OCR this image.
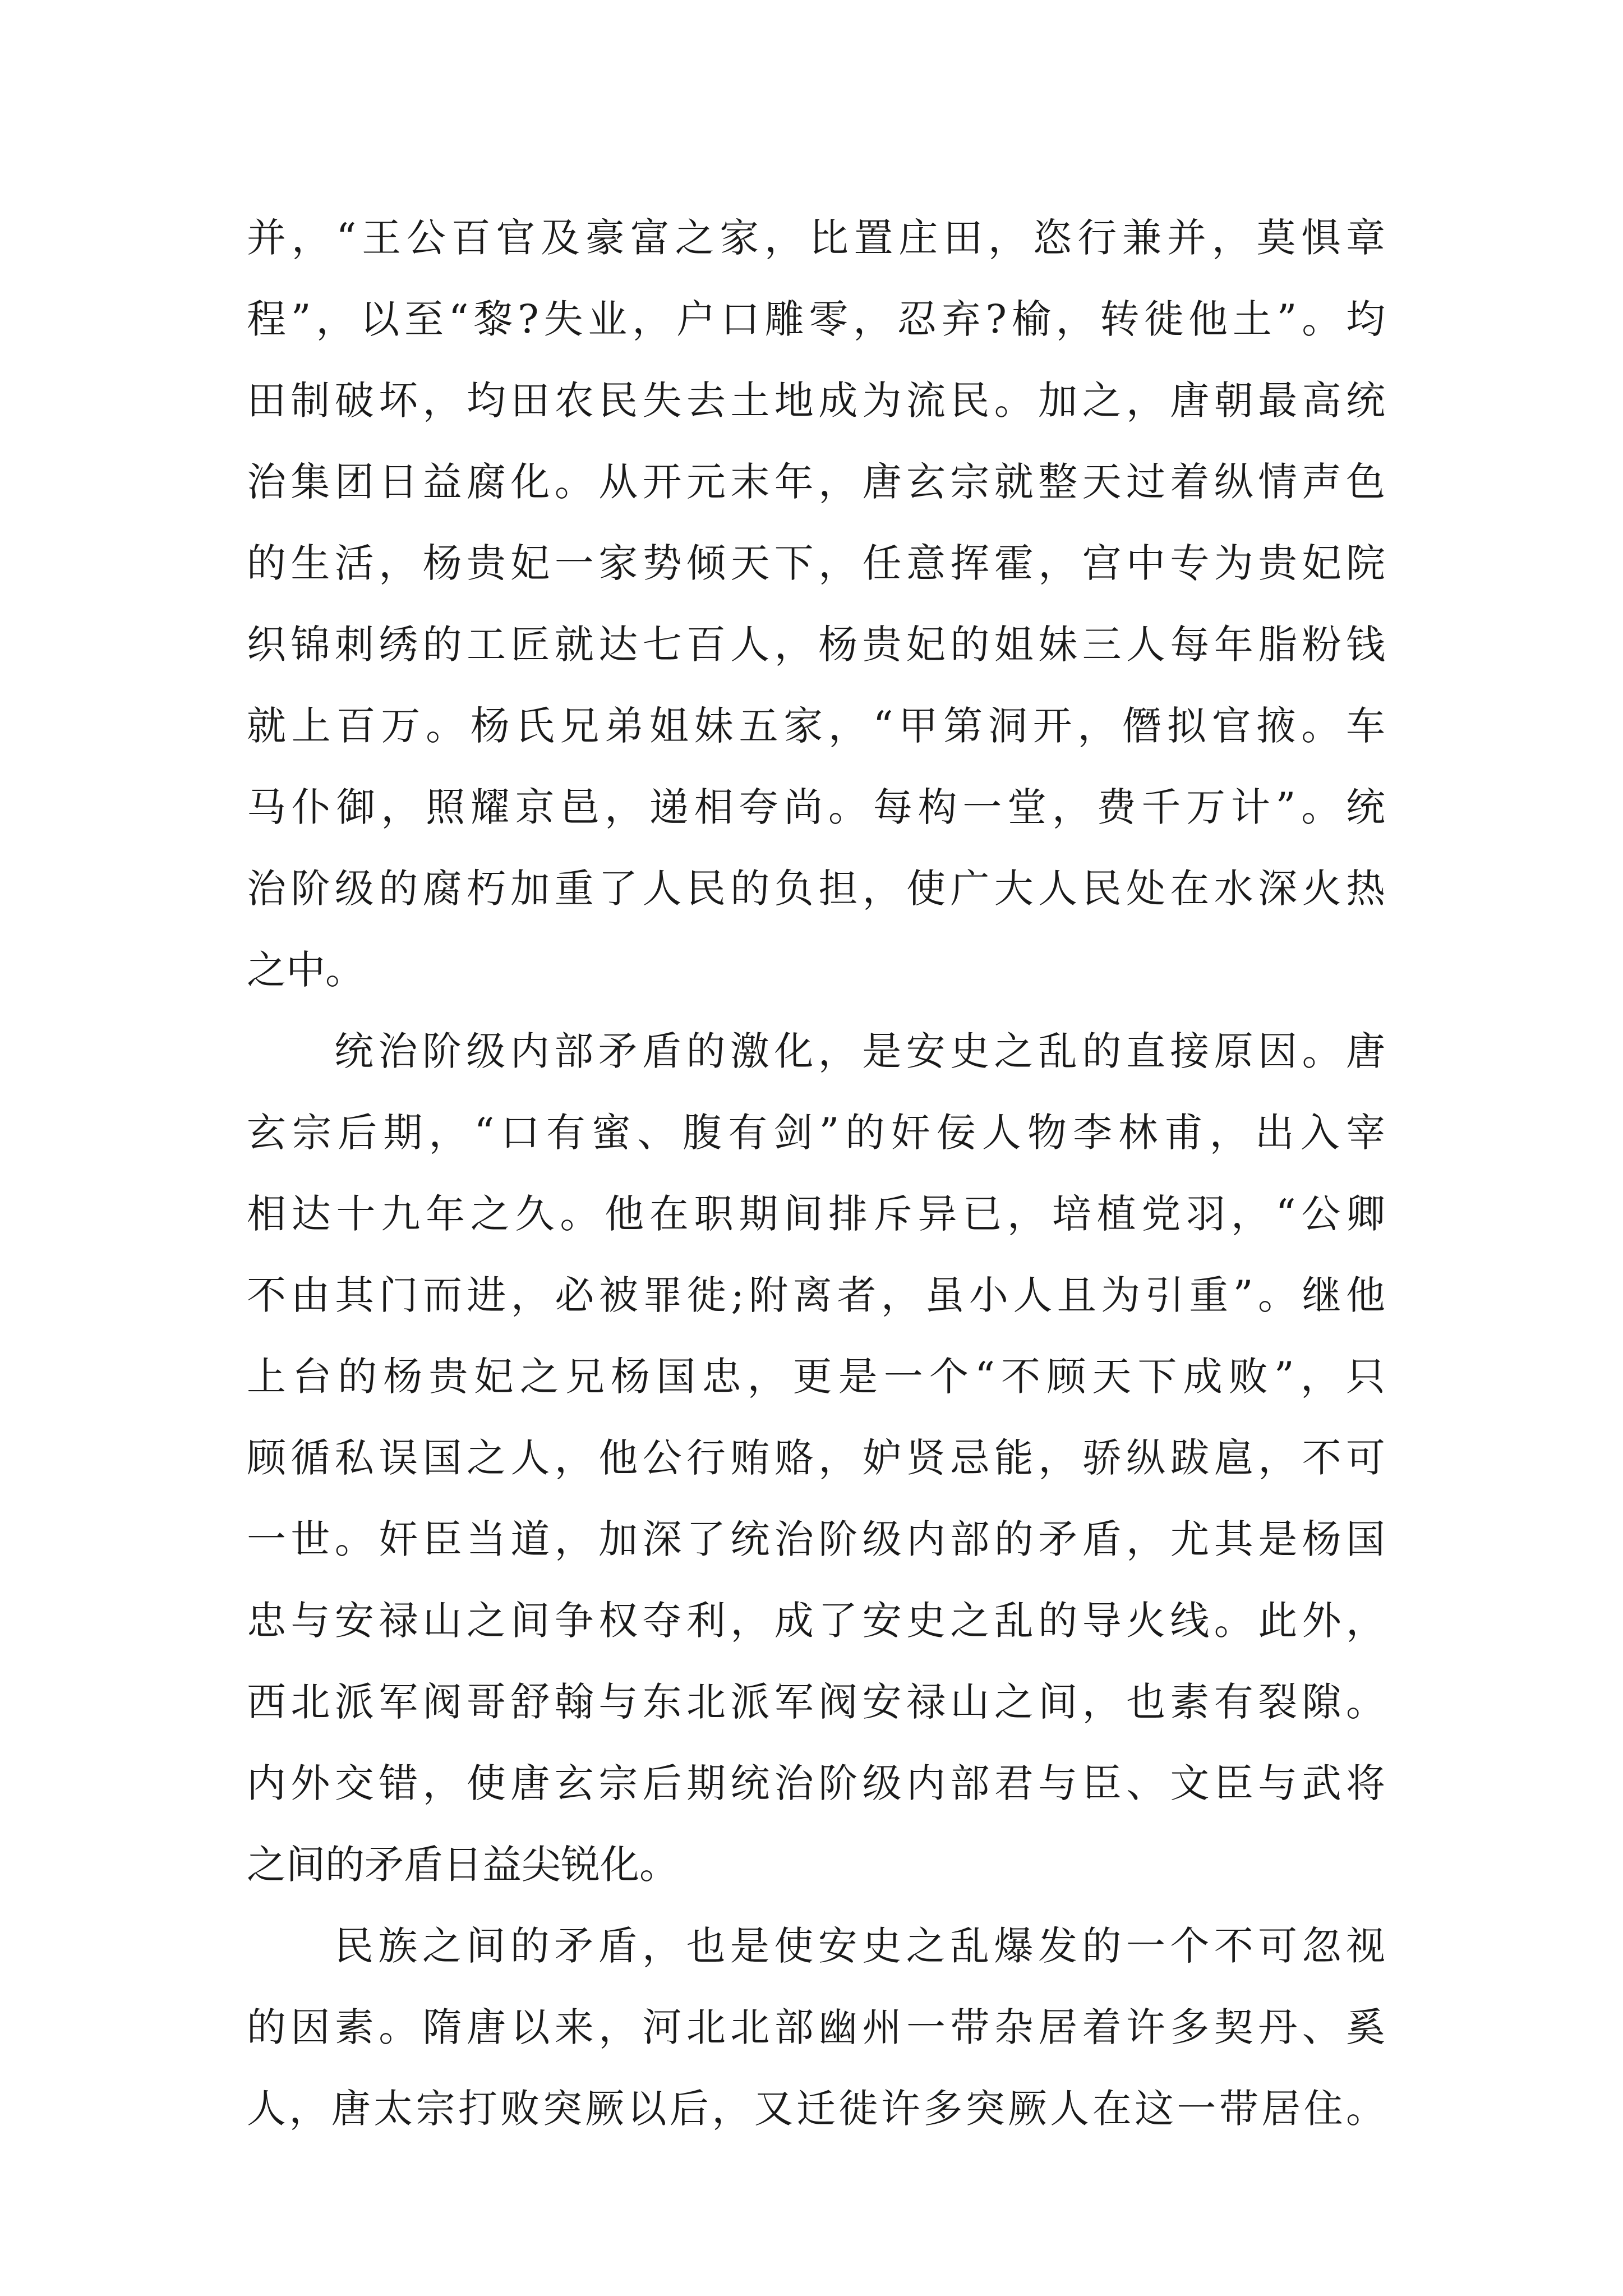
并，“王公百官及豪富之家，比置庄田，恣行兼并，莫惧章
程”，以至“黎?失业，户口雕零，忍弃?榆，转徙他土”。均
田制破坏，均田农民失去土地成为流民。加之，唐朝最高统
治集团日益腐化。从开元末年，唐玄宗就整天过着纵情声色
的生活，杨贵妃一家势倾天下，任意挥霍，宫中专为贵妃院
织锦刺绣的工匠就达七百人，杨贵妃的姐妹三人每年脂粉钱
就上百万。杨氏兄弟姐妹五家，“甲第洞开，僭拟官掖。车
马仆御，照耀京邑，递相夸尚。每构一堂，费千万计”。统
治阶级的腐朽加重了人民的负担，使广大人民处在水深火热
之中。
统治阶级内部矛盾的激化，是安史之乱的直接原因。唐
玄宗后期，“口有蜜、腹有剑”的奸佞人物李林甫，出入宰
相达十九年之久。他在职期间排斥异已，培植党羽，“公卿
不由其门而进，必被罪徙;附离者，虽小人且为引重”。继他
上台的杨贵妃之兄杨国忠，更是一个“不顾天下成败”，只
顾循私误国之人，他公行贿赂，妒贤忌能，骄纵跋扈，不可
一世。奸臣当道，加深了统治阶级内部的矛盾，尤其是杨国
忠与安禄山之间争权夺利，成了安史之乱的导火线。此外，
西北派军阀哥舒翰与东北派军阀安禄山之间，也素有裂隙。
内外交错，使唐玄宗后期统治阶级内部君与臣、文臣与武将
之间的矛盾日益尖锐化。
民族之间的矛盾，也是使安史之乱爆发的一个不可忽视
的因素。隋唐以来，河北北部幽州一带杂居着许多契丹、奚
人，唐太宗打败突厥以后，又迁徙许多突厥人在这一带居住。
